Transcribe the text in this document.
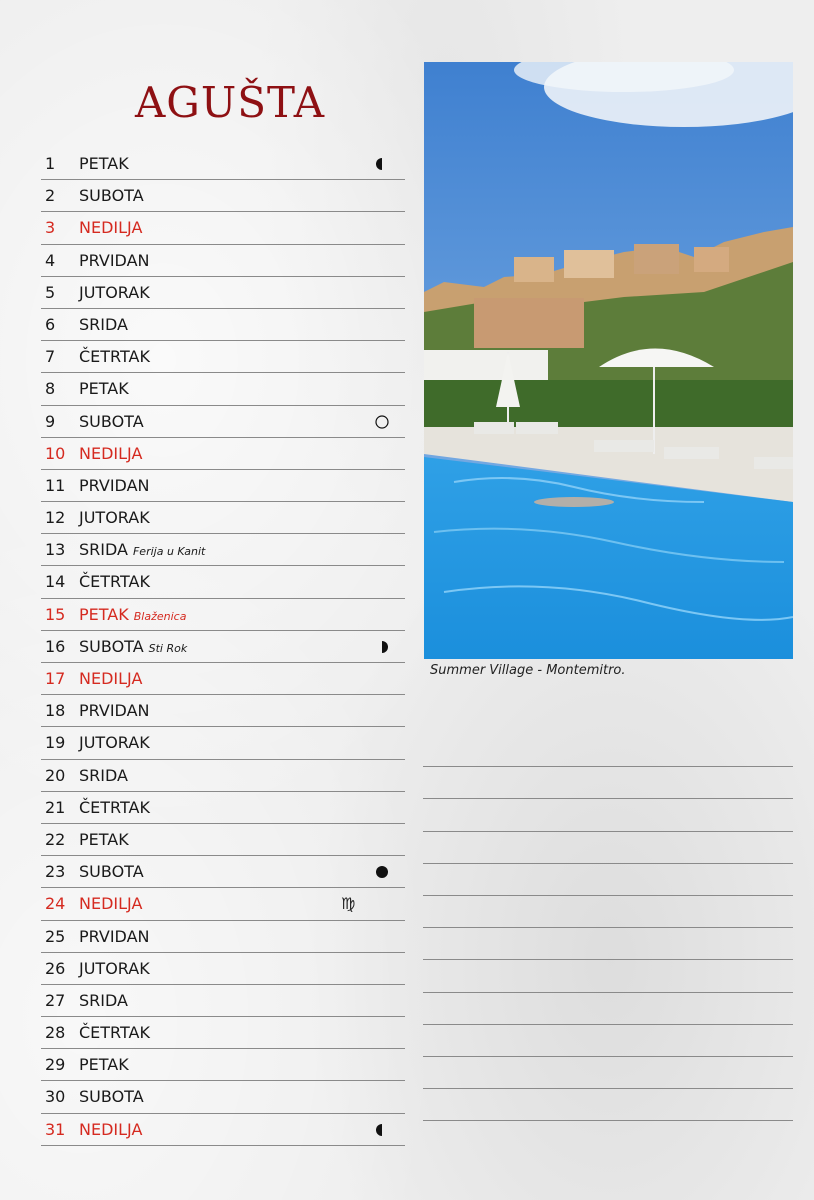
AGUŠTA
1 PETAK
2 SUBOTA
3 NEDILJA
4 PRVIDAN
5 JUTORAK
6 SRIDA
7 ČETRTAK
8 PETAK
9 SUBOTA
10 NEDILJA
11 PRVIDAN
12 JUTORAK
13 SRIDA Ferija u Kanit
14 ČETRTAK
15 PETAK Blaženica
16 SUBOTA Sti Rok
17 NEDILJA
18 PRVIDAN
19 JUTORAK
20 SRIDA
21 ČETRTAK
22 PETAK
23 SUBOTA
24 NEDILJA	♍
25 PRVIDAN
26 JUTORAK
27 SRIDA
28 ČETRTAK
29 PETAK
30 SUBOTA
31 NEDILJA
Summer Village - Montemitro.
